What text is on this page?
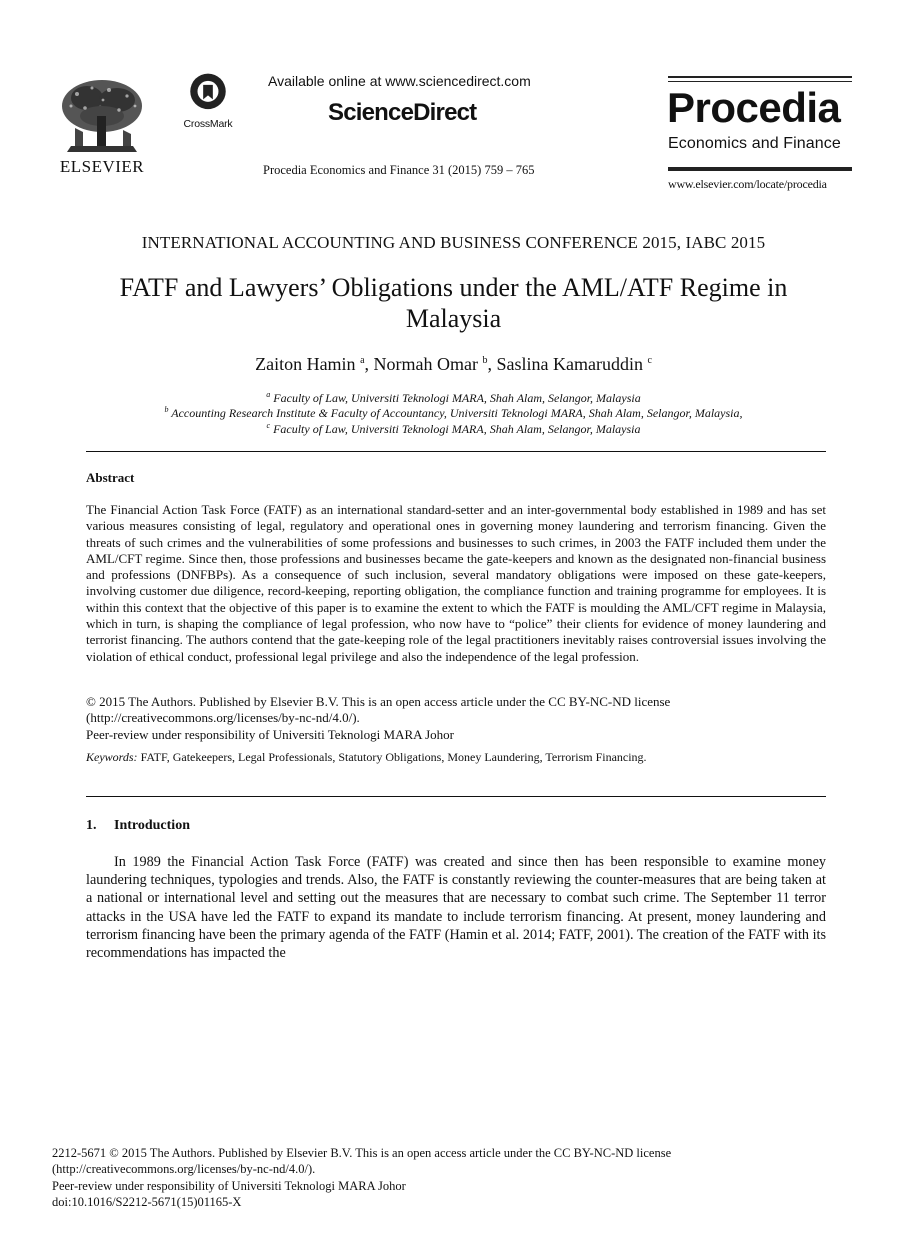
ELSEVIER
CrossMark
Available online at www.sciencedirect.com
ScienceDirect
Procedia Economics and Finance 31 (2015) 759 – 765
Procedia
Economics and Finance
www.elsevier.com/locate/procedia
INTERNATIONAL ACCOUNTING AND BUSINESS CONFERENCE 2015, IABC 2015
FATF and Lawyers’ Obligations under the AML/ATF Regime in Malaysia
Zaiton Hamin $^a$, Normah Omar $^b$, Saslina Kamaruddin $^c$
$^a$ Faculty of Law, Universiti Teknologi MARA, Shah Alam, Selangor, Malaysia
$^b$ Accounting Research Institute & Faculty of Accountancy, Universiti Teknologi MARA, Shah Alam, Selangor, Malaysia,
$^c$ Faculty of Law, Universiti Teknologi MARA, Shah Alam, Selangor, Malaysia
Abstract
The Financial Action Task Force (FATF) as an international standard-setter and an inter-governmental body established in 1989 and has set various measures consisting of legal, regulatory and operational ones in governing money laundering and terrorism financing. Given the threats of such crimes and the vulnerabilities of some professions and businesses to such crimes, in 2003 the FATF included them under the AML/CFT regime. Since then, those professions and businesses became the gate-keepers and known as the designated non-financial business and professions (DNFBPs). As a consequence of such inclusion, several mandatory obligations were imposed on these gate-keepers, involving customer due diligence, record-keeping, reporting obligation, the compliance function and training programme for employees. It is within this context that the objective of this paper is to examine the extent to which the FATF is moulding the AML/CFT regime in Malaysia, which in turn, is shaping the compliance of legal profession, who now have to “police” their clients for evidence of money laundering and terrorist financing. The authors contend that the gate-keeping role of the legal practitioners inevitably raises controversial issues involving the violation of ethical conduct, professional legal privilege and also the independence of the legal profession.
© 2015 The Authors. Published by Elsevier B.V. This is an open access article under the CC BY-NC-ND license
(http://creativecommons.org/licenses/by-nc-nd/4.0/).
Peer-review under responsibility of Universiti Teknologi MARA Johor
Keywords: FATF, Gatekeepers, Legal Professionals, Statutory Obligations, Money Laundering, Terrorism Financing.
1. Introduction
In 1989 the Financial Action Task Force (FATF) was created and since then has been responsible to examine money laundering techniques, typologies and trends. Also, the FATF is constantly reviewing the counter-measures that are being taken at a national or international level and setting out the measures that are necessary to combat such crime. The September 11 terror attacks in the USA have led the FATF to expand its mandate to include terrorism financing. At present, money laundering and terrorism financing have been the primary agenda of the FATF (Hamin et al. 2014; FATF, 2001). The creation of the FATF with its recommendations has impacted the
2212-5671 © 2015 The Authors. Published by Elsevier B.V. This is an open access article under the CC BY-NC-ND license
(http://creativecommons.org/licenses/by-nc-nd/4.0/).
Peer-review under responsibility of Universiti Teknologi MARA Johor
doi:10.1016/S2212-5671(15)01165-X
